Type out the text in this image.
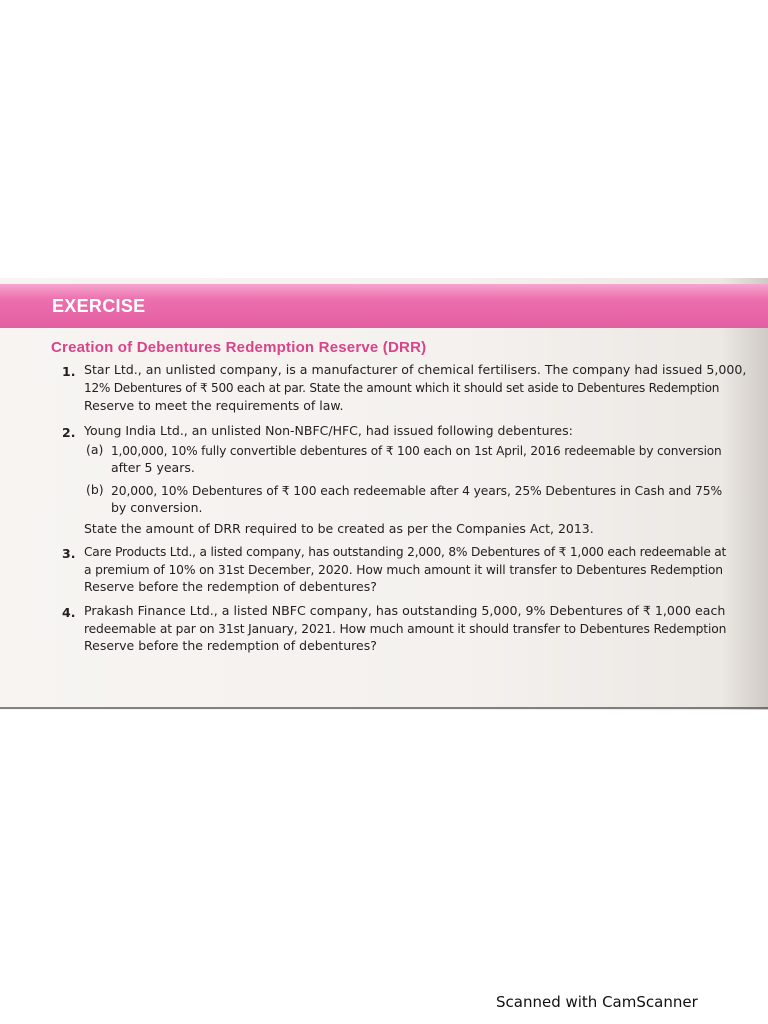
EXERCISE
Creation of Debentures Redemption Reserve (DRR)
1. Star Ltd., an unlisted company, is a manufacturer of chemical fertilisers. The company had issued 5,000,
12% Debentures of ₹ 500 each at par. State the amount which it should set aside to Debentures Redemption
Reserve to meet the requirements of law.
2. Young India Ltd., an unlisted Non-NBFC/HFC, had issued following debentures:
(a) 1,00,000, 10% fully convertible debentures of ₹ 100 each on 1st April, 2016 redeemable by conversion
after 5 years.
(b) 20,000, 10% Debentures of ₹ 100 each redeemable after 4 years, 25% Debentures in Cash and 75%
by conversion.
State the amount of DRR required to be created as per the Companies Act, 2013.
3. Care Products Ltd., a listed company, has outstanding 2,000, 8% Debentures of ₹ 1,000 each redeemable at
a premium of 10% on 31st December, 2020. How much amount it will transfer to Debentures Redemption
Reserve before the redemption of debentures?
4. Prakash Finance Ltd., a listed NBFC company, has outstanding 5,000, 9% Debentures of ₹ 1,000 each
redeemable at par on 31st January, 2021. How much amount it should transfer to Debentures Redemption
Reserve before the redemption of debentures?
Scanned with CamScanner
